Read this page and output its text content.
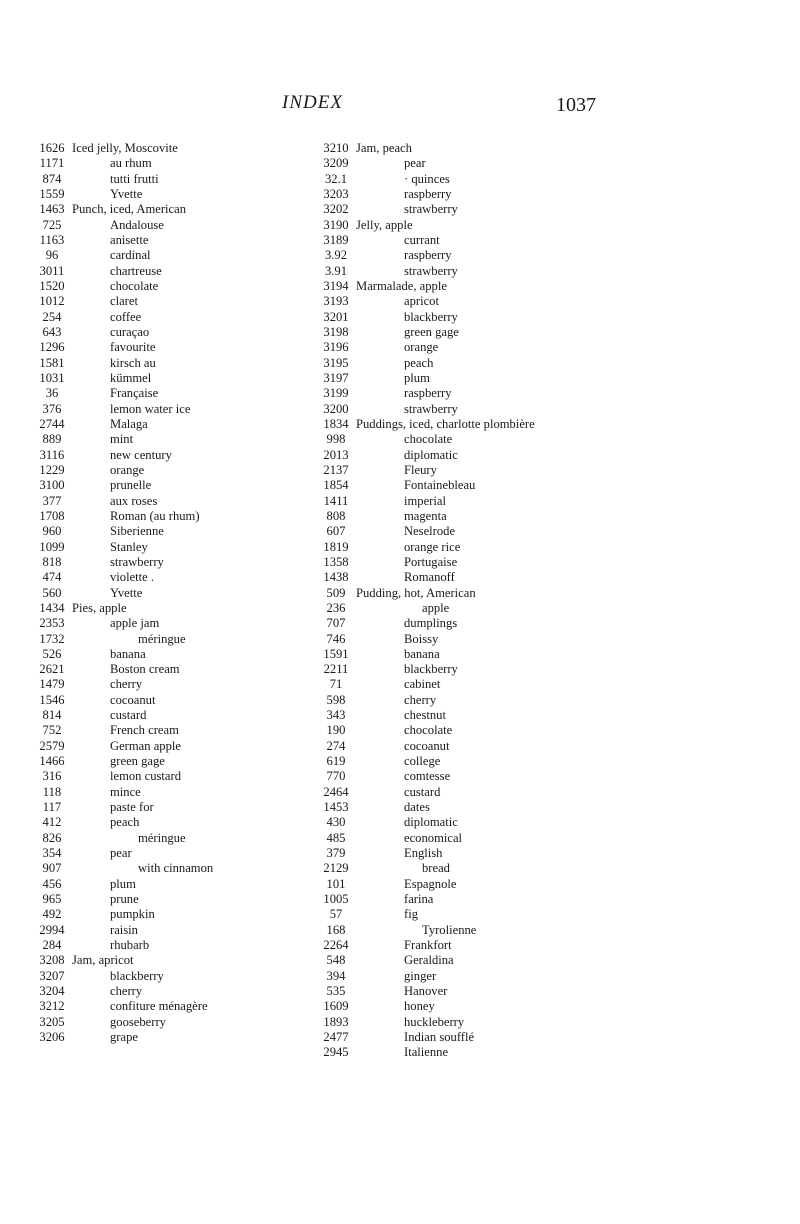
INDEX	1037
1626 Iced jelly, Moscovite
1171	au rhum
874	tutti frutti
1559	Yvette
1463 Punch, iced, American
725	Andalouse
1163	anisette
96	cardinal
3011	chartreuse
1520	chocolate
1012	claret
254	coffee
643	curaçao
1296	favourite
1581	kirsch au
1031	kümmel
36	Française
376	lemon water ice
2744	Malaga
889	mint
3116	new century
1229	orange
3100	prunelle
377	aux roses
1708	Roman (au rhum)
960	Siberienne
1099	Stanley
818	strawberry
474	violette .
560	Yvette
1434 Pies, apple
2353	apple jam
1732	méringue
526	banana
2621	Boston cream
1479	cherry
1546	cocoanut
814	custard
752	French cream
2579	German apple
1466	green gage
316	lemon custard
118	mince
117	paste for
412	peach
826	méringue
354	pear
907	with cinnamon
456	plum
965	prune
492	pumpkin
2994	raisin
284	rhubarb
3208 Jam, apricot
3207	blackberry
3204	cherry
3212	confiture ménagère
3205	gooseberry
3206	grape
3210 Jam, peach
3209	pear
32.1	· quinces
3203	raspberry
3202	strawberry
3190 Jelly, apple
3189	currant
3.92	raspberry
3.91	strawberry
3194 Marmalade, apple
3193	apricot
3201	blackberry
3198	green gage
3196	orange
3195	peach
3197	plum
3199	raspberry
3200	strawberry
1834 Puddings, iced, charlotte plombière
998	chocolate
2013	diplomatic
2137	Fleury
1854	Fontainebleau
1411	imperial
808	magenta
607	Neselrode
1819	orange rice
1358	Portugaise
1438	Romanoff
509 Pudding, hot, American
236	apple
707	dumplings
746	Boissy
1591	banana
2211	blackberry
71	cabinet
598	cherry
343	chestnut
190	chocolate
274	cocoanut
619	college
770	comtesse
2464	custard
1453	dates
430	diplomatic
485	economical
379	English
2129	bread
101	Espagnole
1005	farina
57	fig
168	Tyrolienne
2264	Frankfort
548	Geraldina
394	ginger
535	Hanover
1609	honey
1893	huckleberry
2477	Indian soufflé
2945	Italienne
